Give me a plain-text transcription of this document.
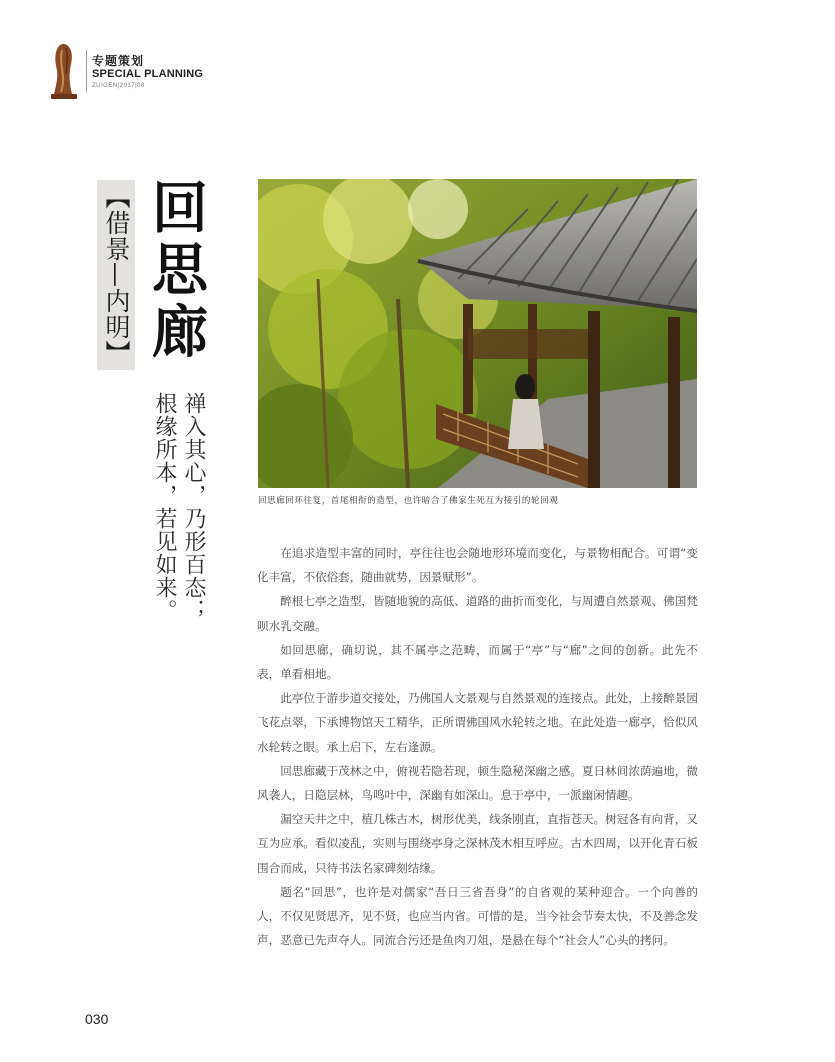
专题策划
SPECIAL PLANNING
ZUIGEN|2017|08
【借景—内明】 回思廊
禅入其心，乃形百态；根缘所本，若见如来。	回思廊回环往复，首尾相衔的造型，也许暗合了佛家生死互为接引的轮回观

在追求造型丰富的同时，亭往往也会随地形环境而变化，与景物相配合。可谓“变化丰富，不依俗套，随曲就势，因景赋形”。

醉根七亭之造型，皆随地貌的高低、道路的曲折而变化，与周遭自然景观、佛国梵呗水乳交融。

如回思廊，确切说，其不属亭之范畴，而属于“亭”与“廊”之间的创新。此先不表，单看相地。

此亭位于游步道交接处，乃佛国人文景观与自然景观的连接点。此处，上接醉景园飞花点翠，下承博物馆天工精华，正所谓佛国风水轮转之地。在此处造一廊亭，恰似风水轮转之眼。承上启下，左右逢源。

回思廊藏于茂林之中，俯视若隐若现，顿生隐秘深幽之感。夏日林间浓荫遍地，微风袭人，日隐层林，鸟鸣叶中，深幽有如深山。息于亭中，一派幽闲情趣。

漏空天井之中，植几株古木，树形优美，线条刚直，直指苍天。树冠各有向背，又互为应承。看似凌乱，实则与围绕亭身之深林茂木相互呼应。古木四周，以开化青石板围合而成，只待书法名家碑刻结缘。

题名“回思”，也许是对儒家“吾日三省吾身”的自省观的某种迎合。一个向善的人，不仅见贤思齐，见不贤，也应当内省。可惜的是，当今社会节奏太快，不及善念发声，恶意已先声夺人。同流合污还是鱼肉刀俎，是悬在每个“社会人”心头的拷问。

030
